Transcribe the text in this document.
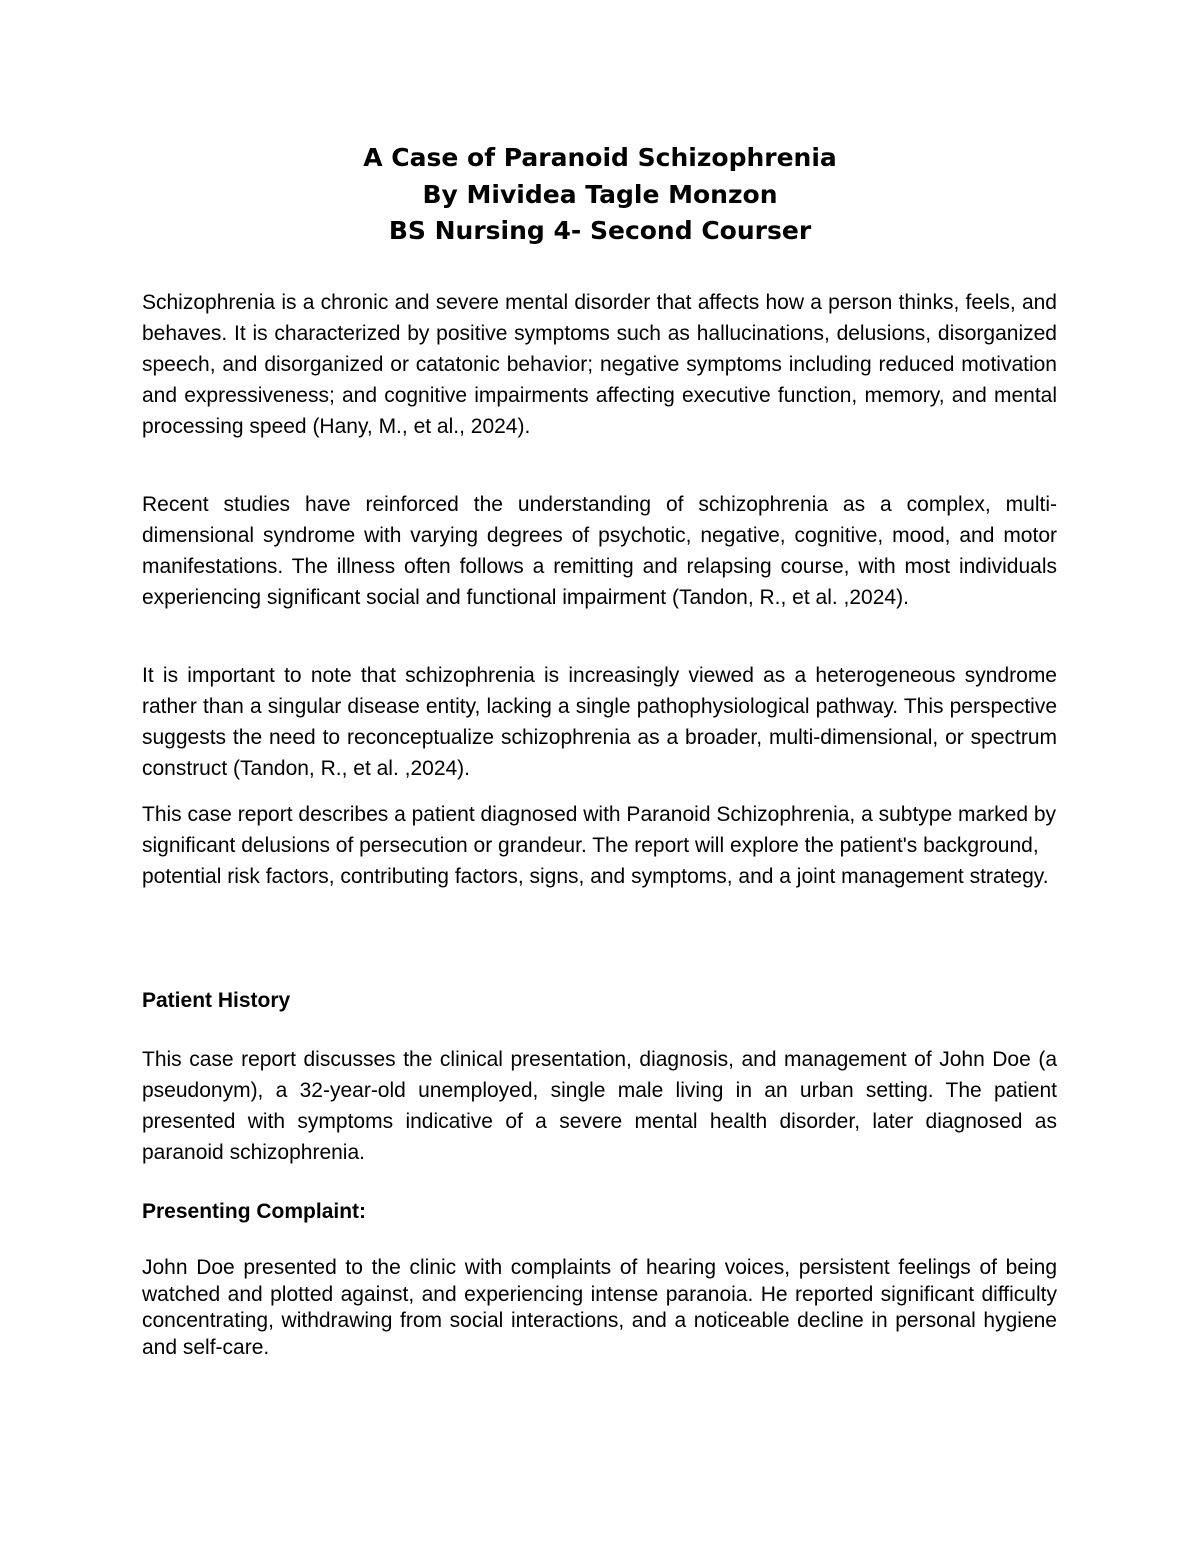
A Case of Paranoid Schizophrenia
By Mividea Tagle Monzon
BS Nursing 4- Second Courser

Schizophrenia is a chronic and severe mental disorder that affects how a person thinks, feels, and behaves. It is characterized by positive symptoms such as hallucinations, delusions, disorganized speech, and disorganized or catatonic behavior; negative symptoms including reduced motivation and expressiveness; and cognitive impairments affecting executive function, memory, and mental processing speed (Hany, M., et al., 2024).

Recent studies have reinforced the understanding of schizophrenia as a complex, multi-dimensional syndrome with varying degrees of psychotic, negative, cognitive, mood, and motor manifestations. The illness often follows a remitting and relapsing course, with most individuals experiencing significant social and functional impairment (Tandon, R., et al. ,2024).

It is important to note that schizophrenia is increasingly viewed as a heterogeneous syndrome rather than a singular disease entity, lacking a single pathophysiological pathway. This perspective suggests the need to reconceptualize schizophrenia as a broader, multi-dimensional, or spectrum construct (Tandon, R., et al. ,2024).

This case report describes a patient diagnosed with Paranoid Schizophrenia, a subtype marked by significant delusions of persecution or grandeur. The report will explore the patient's background, potential risk factors, contributing factors, signs, and symptoms, and a joint management strategy.

Patient History

This case report discusses the clinical presentation, diagnosis, and management of John Doe (a pseudonym), a 32-year-old unemployed, single male living in an urban setting. The patient presented with symptoms indicative of a severe mental health disorder, later diagnosed as paranoid schizophrenia.

Presenting Complaint:

John Doe presented to the clinic with complaints of hearing voices, persistent feelings of being watched and plotted against, and experiencing intense paranoia. He reported significant difficulty concentrating, withdrawing from social interactions, and a noticeable decline in personal hygiene and self-care.
